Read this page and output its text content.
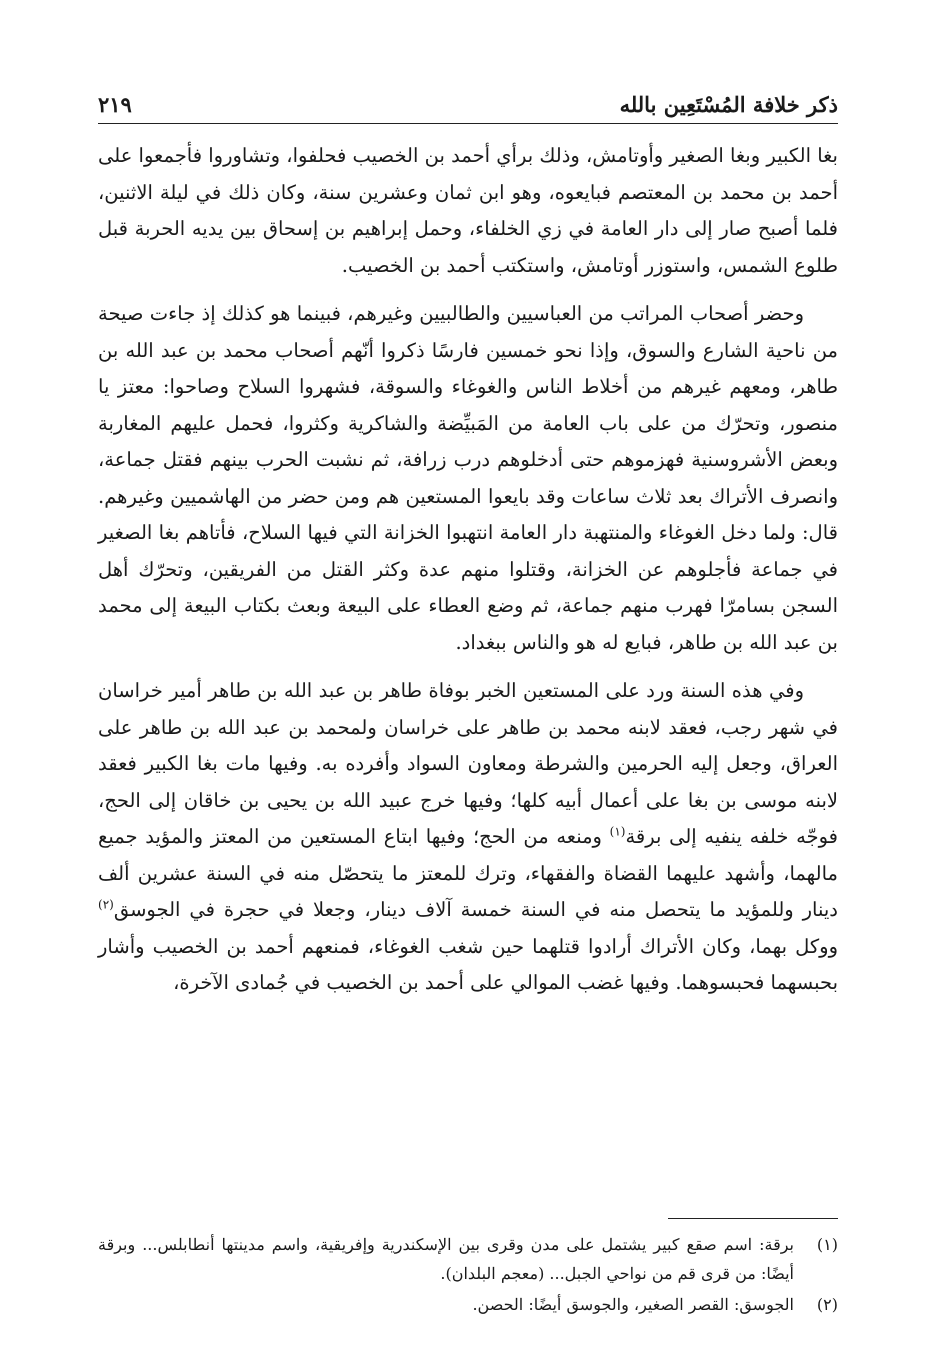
ذكر خلافة المُسْتَعِين بالله
٢١٩

بغا الكبير وبغا الصغير وأوتامش، وذلك برأي أحمد بن الخصيب فحلفوا، وتشاوروا فأجمعوا على أحمد بن محمد بن المعتصم فبايعوه، وهو ابن ثمان وعشرين سنة، وكان ذلك في ليلة الاثنين، فلما أصبح صار إلى دار العامة في زي الخلفاء، وحمل إبراهيم بن إسحاق بين يديه الحربة قبل طلوع الشمس، واستوزر أوتامش، واستكتب أحمد بن الخصيب.

وحضر أصحاب المراتب من العباسيين والطالبيين وغيرهم، فبينما هو كذلك إذ جاءت صيحة من ناحية الشارع والسوق، وإذا نحو خمسين فارسًا ذكروا أنّهم أصحاب محمد بن عبد الله بن طاهر، ومعهم غيرهم من أخلاط الناس والغوغاء والسوقة، فشهروا السلاح وصاحوا: معتز يا منصور، وتحرّك من على باب العامة من المَبيِّضة والشاكرية وكثروا، فحمل عليهم المغاربة وبعض الأشروسنية فهزموهم حتى أدخلوهم درب زرافة، ثم نشبت الحرب بينهم فقتل جماعة، وانصرف الأتراك بعد ثلاث ساعات وقد بايعوا المستعين هم ومن حضر من الهاشميين وغيرهم. قال: ولما دخل الغوغاء والمنتهبة دار العامة انتهبوا الخزانة التي فيها السلاح، فأتاهم بغا الصغير في جماعة فأجلوهم عن الخزانة، وقتلوا منهم عدة وكثر القتل من الفريقين، وتحرّك أهل السجن بسامرّا فهرب منهم جماعة، ثم وضع العطاء على البيعة وبعث بكتاب البيعة إلى محمد بن عبد الله بن طاهر، فبايع له هو والناس ببغداد.

وفي هذه السنة ورد على المستعين الخبر بوفاة طاهر بن عبد الله بن طاهر أمير خراسان في شهر رجب، فعقد لابنه محمد بن طاهر على خراسان ولمحمد بن عبد الله بن طاهر على العراق، وجعل إليه الحرمين والشرطة ومعاون السواد وأفرده به. وفيها مات بغا الكبير فعقد لابنه موسى بن بغا على أعمال أبيه كلها؛ وفيها خرج عبيد الله بن يحيى بن خاقان إلى الحج، فوجّه خلفه ينفيه إلى برقة$^{(١)}$ ومنعه من الحج؛ وفيها ابتاع المستعين من المعتز والمؤيد جميع مالهما، وأشهد عليهما القضاة والفقهاء، وترك للمعتز ما يتحصّل منه في السنة عشرين ألف دينار وللمؤيد ما يتحصل منه في السنة خمسة آلاف دينار، وجعلا في حجرة في الجوسق$^{(٢)}$ ووكل بهما، وكان الأتراك أرادوا قتلهما حين شغب الغوغاء، فمنعهم أحمد بن الخصيب وأشار بحبسهما فحبسوهما. وفيها غضب الموالي على أحمد بن الخصيب في جُمادى الآخرة،

(١)
برقة: اسم صقع كبير يشتمل على مدن وقرى بين الإسكندرية وإفريقية، واسم مدينتها أنطابلس... وبرقة أيضًا: من قرى قم من نواحي الجبل... (معجم البلدان).
(٢)
الجوسق: القصر الصغير، والجوسق أيضًا: الحصن.
